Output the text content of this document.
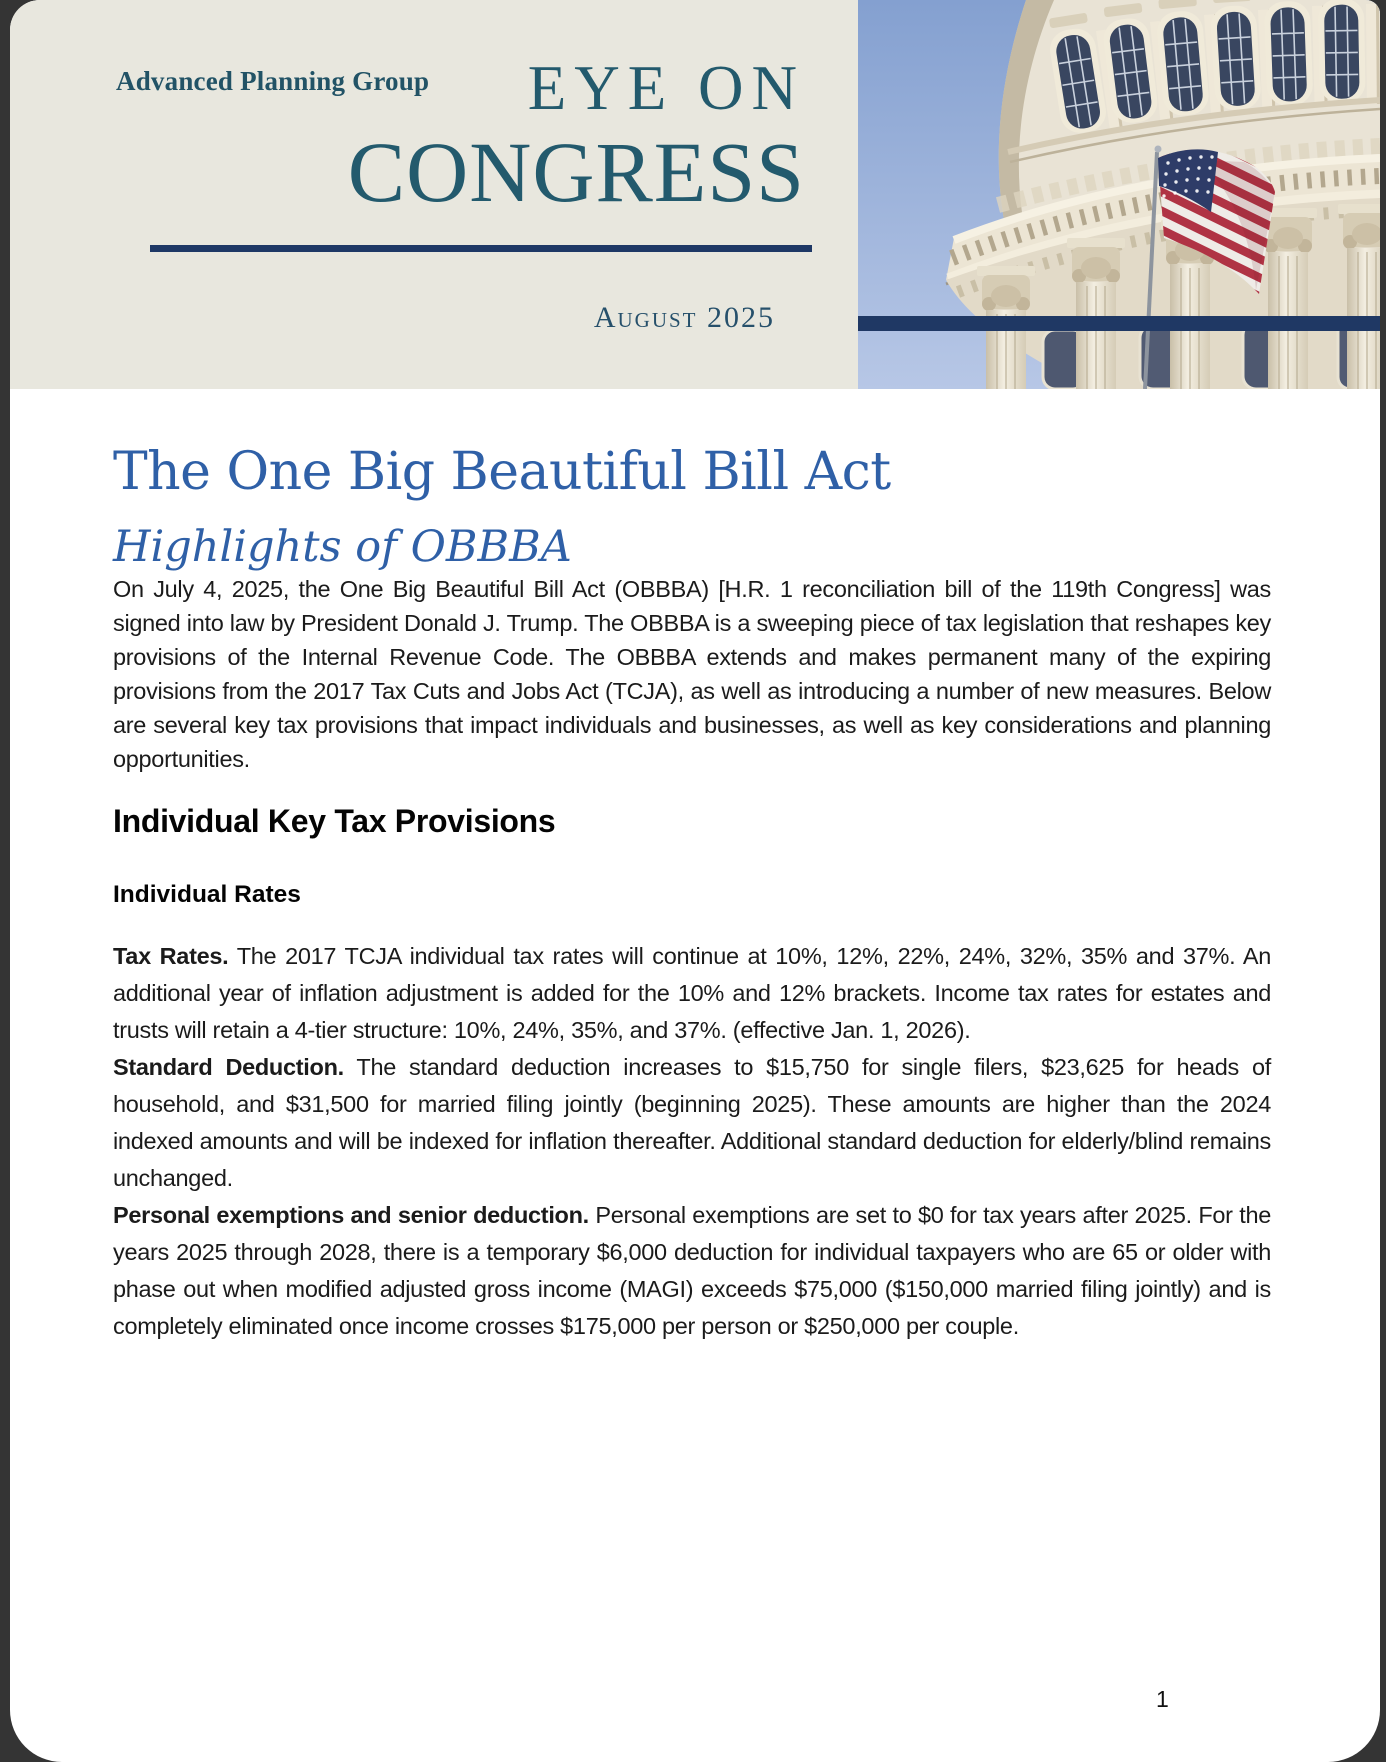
Advanced Planning Group	EYE ON
CONGRESS
August 2025
The One Big Beautiful Bill Act
Highlights of OBBBA

On July 4, 2025, the One Big Beautiful Bill Act (OBBBA) [H.R. 1 reconciliation bill of the 119th Congress] was signed into law by President Donald J. Trump. The OBBBA is a sweeping piece of tax legislation that reshapes key provisions of the Internal Revenue Code. The OBBBA extends and makes permanent many of the expiring provisions from the 2017 Tax Cuts and Jobs Act (TCJA), as well as introducing a number of new measures. Below are several key tax provisions that impact individuals and businesses, as well as key considerations and planning opportunities.

Individual Key Tax Provisions
Individual Rates

Tax Rates. The 2017 TCJA individual tax rates will continue at 10%, 12%, 22%, 24%, 32%, 35% and 37%. An additional year of inflation adjustment is added for the 10% and 12% brackets. Income tax rates for estates and trusts will retain a 4-tier structure: 10%, 24%, 35%, and 37%. (effective Jan. 1, 2026).

Standard Deduction. The standard deduction increases to $15,750 for single filers, $23,625 for heads of household, and $31,500 for married filing jointly (beginning 2025). These amounts are higher than the 2024 indexed amounts and will be indexed for inflation thereafter. Additional standard deduction for elderly/blind remains unchanged.

Personal exemptions and senior deduction. Personal exemptions are set to $0 for tax years after 2025. For the years 2025 through 2028, there is a temporary $6,000 deduction for individual taxpayers who are 65 or older with phase out when modified adjusted gross income (MAGI) exceeds $75,000 ($150,000 married filing jointly) and is completely eliminated once income crosses $175,000 per person or $250,000 per couple.

1
